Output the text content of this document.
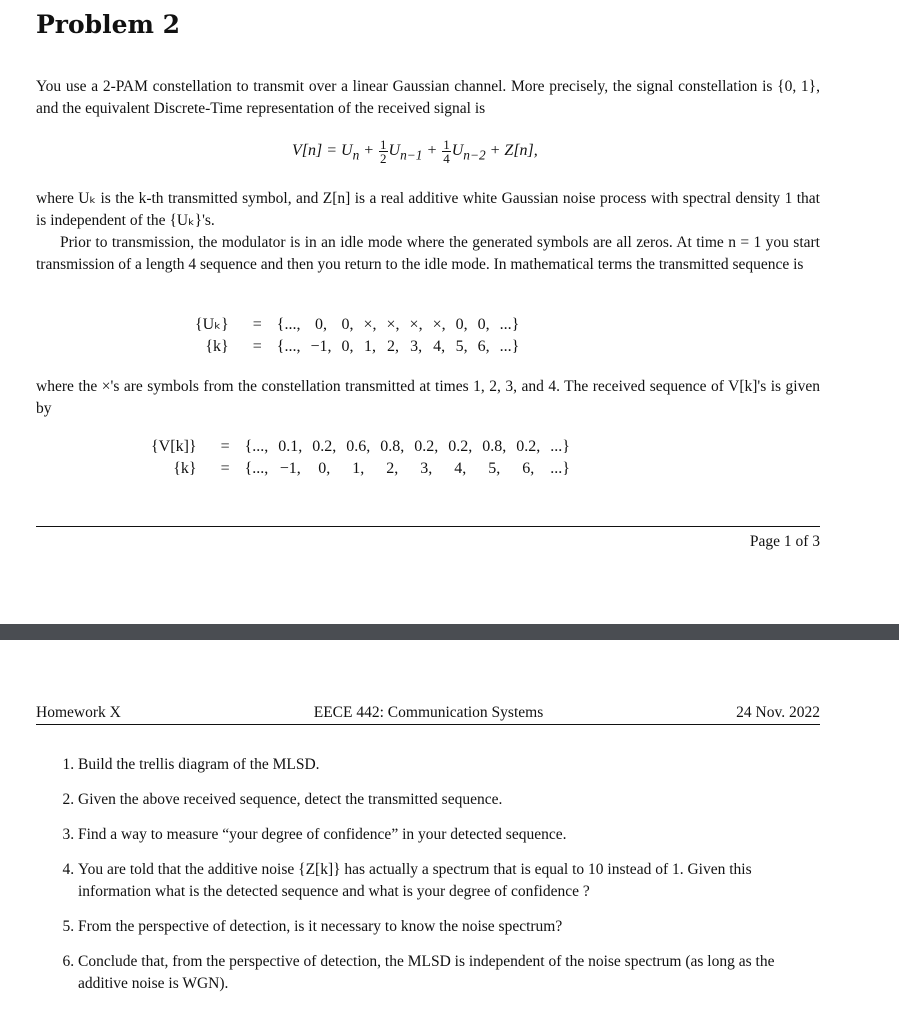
Problem 2
You use a 2-PAM constellation to transmit over a linear Gaussian channel. More precisely, the signal constellation is {0, 1}, and the equivalent Discrete-Time representation of the received signal is
$V[n] = U_n + \frac{1}{2} U_{n-1} + \frac{1}{4} U_{n-2} + Z[n]$,
where Uₖ is the k-th transmitted symbol, and Z[n] is a real additive white Gaussian noise process with spectral density 1 that is independent of the {Uₖ}'s.
Prior to transmission, the modulator is in an idle mode where the generated symbols are all zeros. At time n = 1 you start transmission of a length 4 sequence and then you return to the idle mode. In mathematical terms the transmitted sequence is
{Uₖ}	=	{...,	0,	0,	×,	×,	×,	×,	0,	0,	...}
{k}	=	{...,	−1,	0,	1,	2,	3,	4,	5,	6,	...}
where the ×'s are symbols from the constellation transmitted at times 1, 2, 3, and 4. The received sequence of V[k]'s is given by
{V[k]}	=	{...,	0.1,	0.2,	0.6,	0.8,	0.2,	0.2,	0.8,	0.2,	...}
{k}	=	{...,	−1,	0,	1,	2,	3,	4,	5,	6,	...}
Page 1 of 3
Homework X	EECE 442: Communication Systems	24 Nov. 2022
1. Build the trellis diagram of the MLSD.
2. Given the above received sequence, detect the transmitted sequence.
3. Find a way to measure “your degree of confidence” in your detected sequence.
4. You are told that the additive noise {Z[k]} has actually a spectrum that is equal to 10 instead of 1. Given this information what is the detected sequence and what is your degree of confidence ?
5. From the perspective of detection, is it necessary to know the noise spectrum?
6. Conclude that, from the perspective of detection, the MLSD is independent of the noise spectrum (as long as the additive noise is WGN).
